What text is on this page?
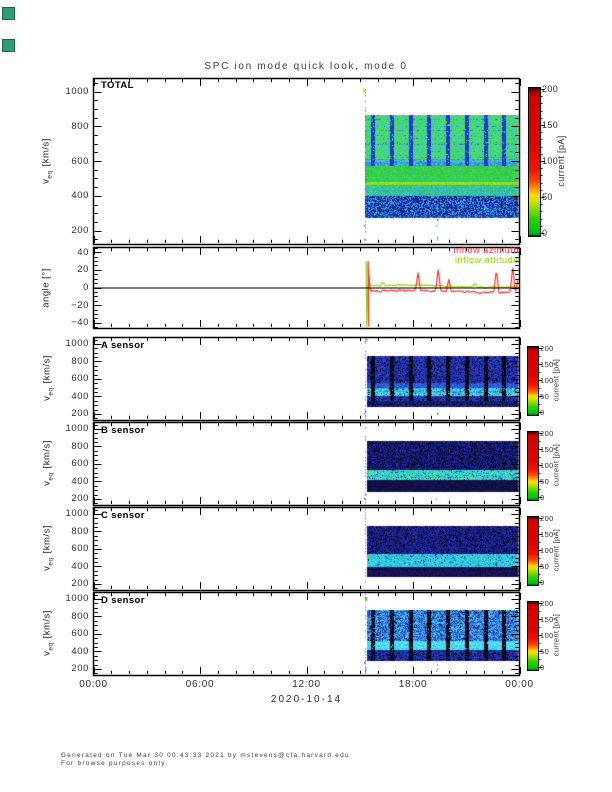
SPC ion mode quick look, mode 0
TOTAL
A sensor
B sensor
C sensor
D sensor
$v_{eq}[km/s]$
angle [°]
$v_{eq}[km/s]$
$v_{eq}[km/s]$
$v_{eq}[km/s]$
$v_{eq}[km/s]$
inflow azimuth
inflow attitude
current [pA]
current [pA]
current [pA]
current [pA]
current [pA]
2020-10-14
Generated on Tue Mar 30 00:43:33 2021 by mstevens@cfa.harvard.edu
For browse purposes only.
200
400
600
800
1000
−40
−20
0
20
40
200
400
600
800
1000
200
400
600
800
1000
200
400
600
800
1000
200
400
600
800
1000
00:00	06:00	12:00	18:00	00:00
0
50
100
150
200
0
50
100
150
200
0
50
100
150
200
0
50
100
150
200
0
50
100
150
200
